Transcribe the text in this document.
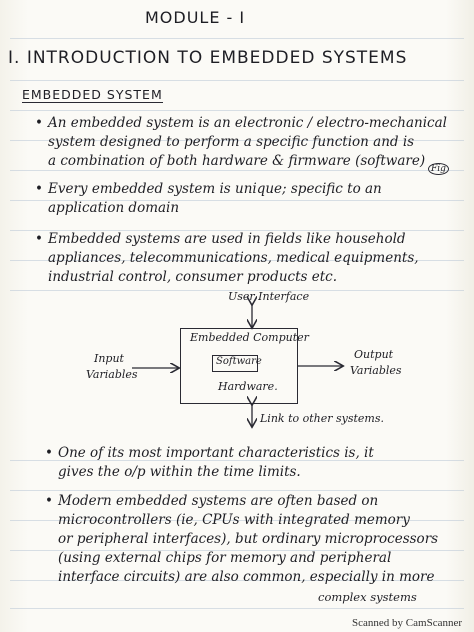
MODULE - I
I. INTRODUCTION TO EMBEDDED SYSTEMS
EMBEDDED SYSTEM
• An embedded system is an electronic / electro-mechanical
system designed to perform a specific function and is
a combination of both hardware & firmware (software) Fig
• Every embedded system is unique; specific to an
application domain
• Embedded systems are used in fields like household
appliances, telecommunications, medical equipments,
industrial control, consumer products etc.
User Interface
Embedded Computer
Software
Hardware.
Input
Variables
Output
Variables
Link to other systems.
• One of its most important characteristics is, it
gives the o/p within the time limits.
• Modern embedded systems are often based on
microcontrollers (ie, CPUs with integrated memory
or peripheral interfaces), but ordinary microprocessors
(using external chips for memory and peripheral
interface circuits) are also common, especially in more
complex systems
Scanned by CamScanner
